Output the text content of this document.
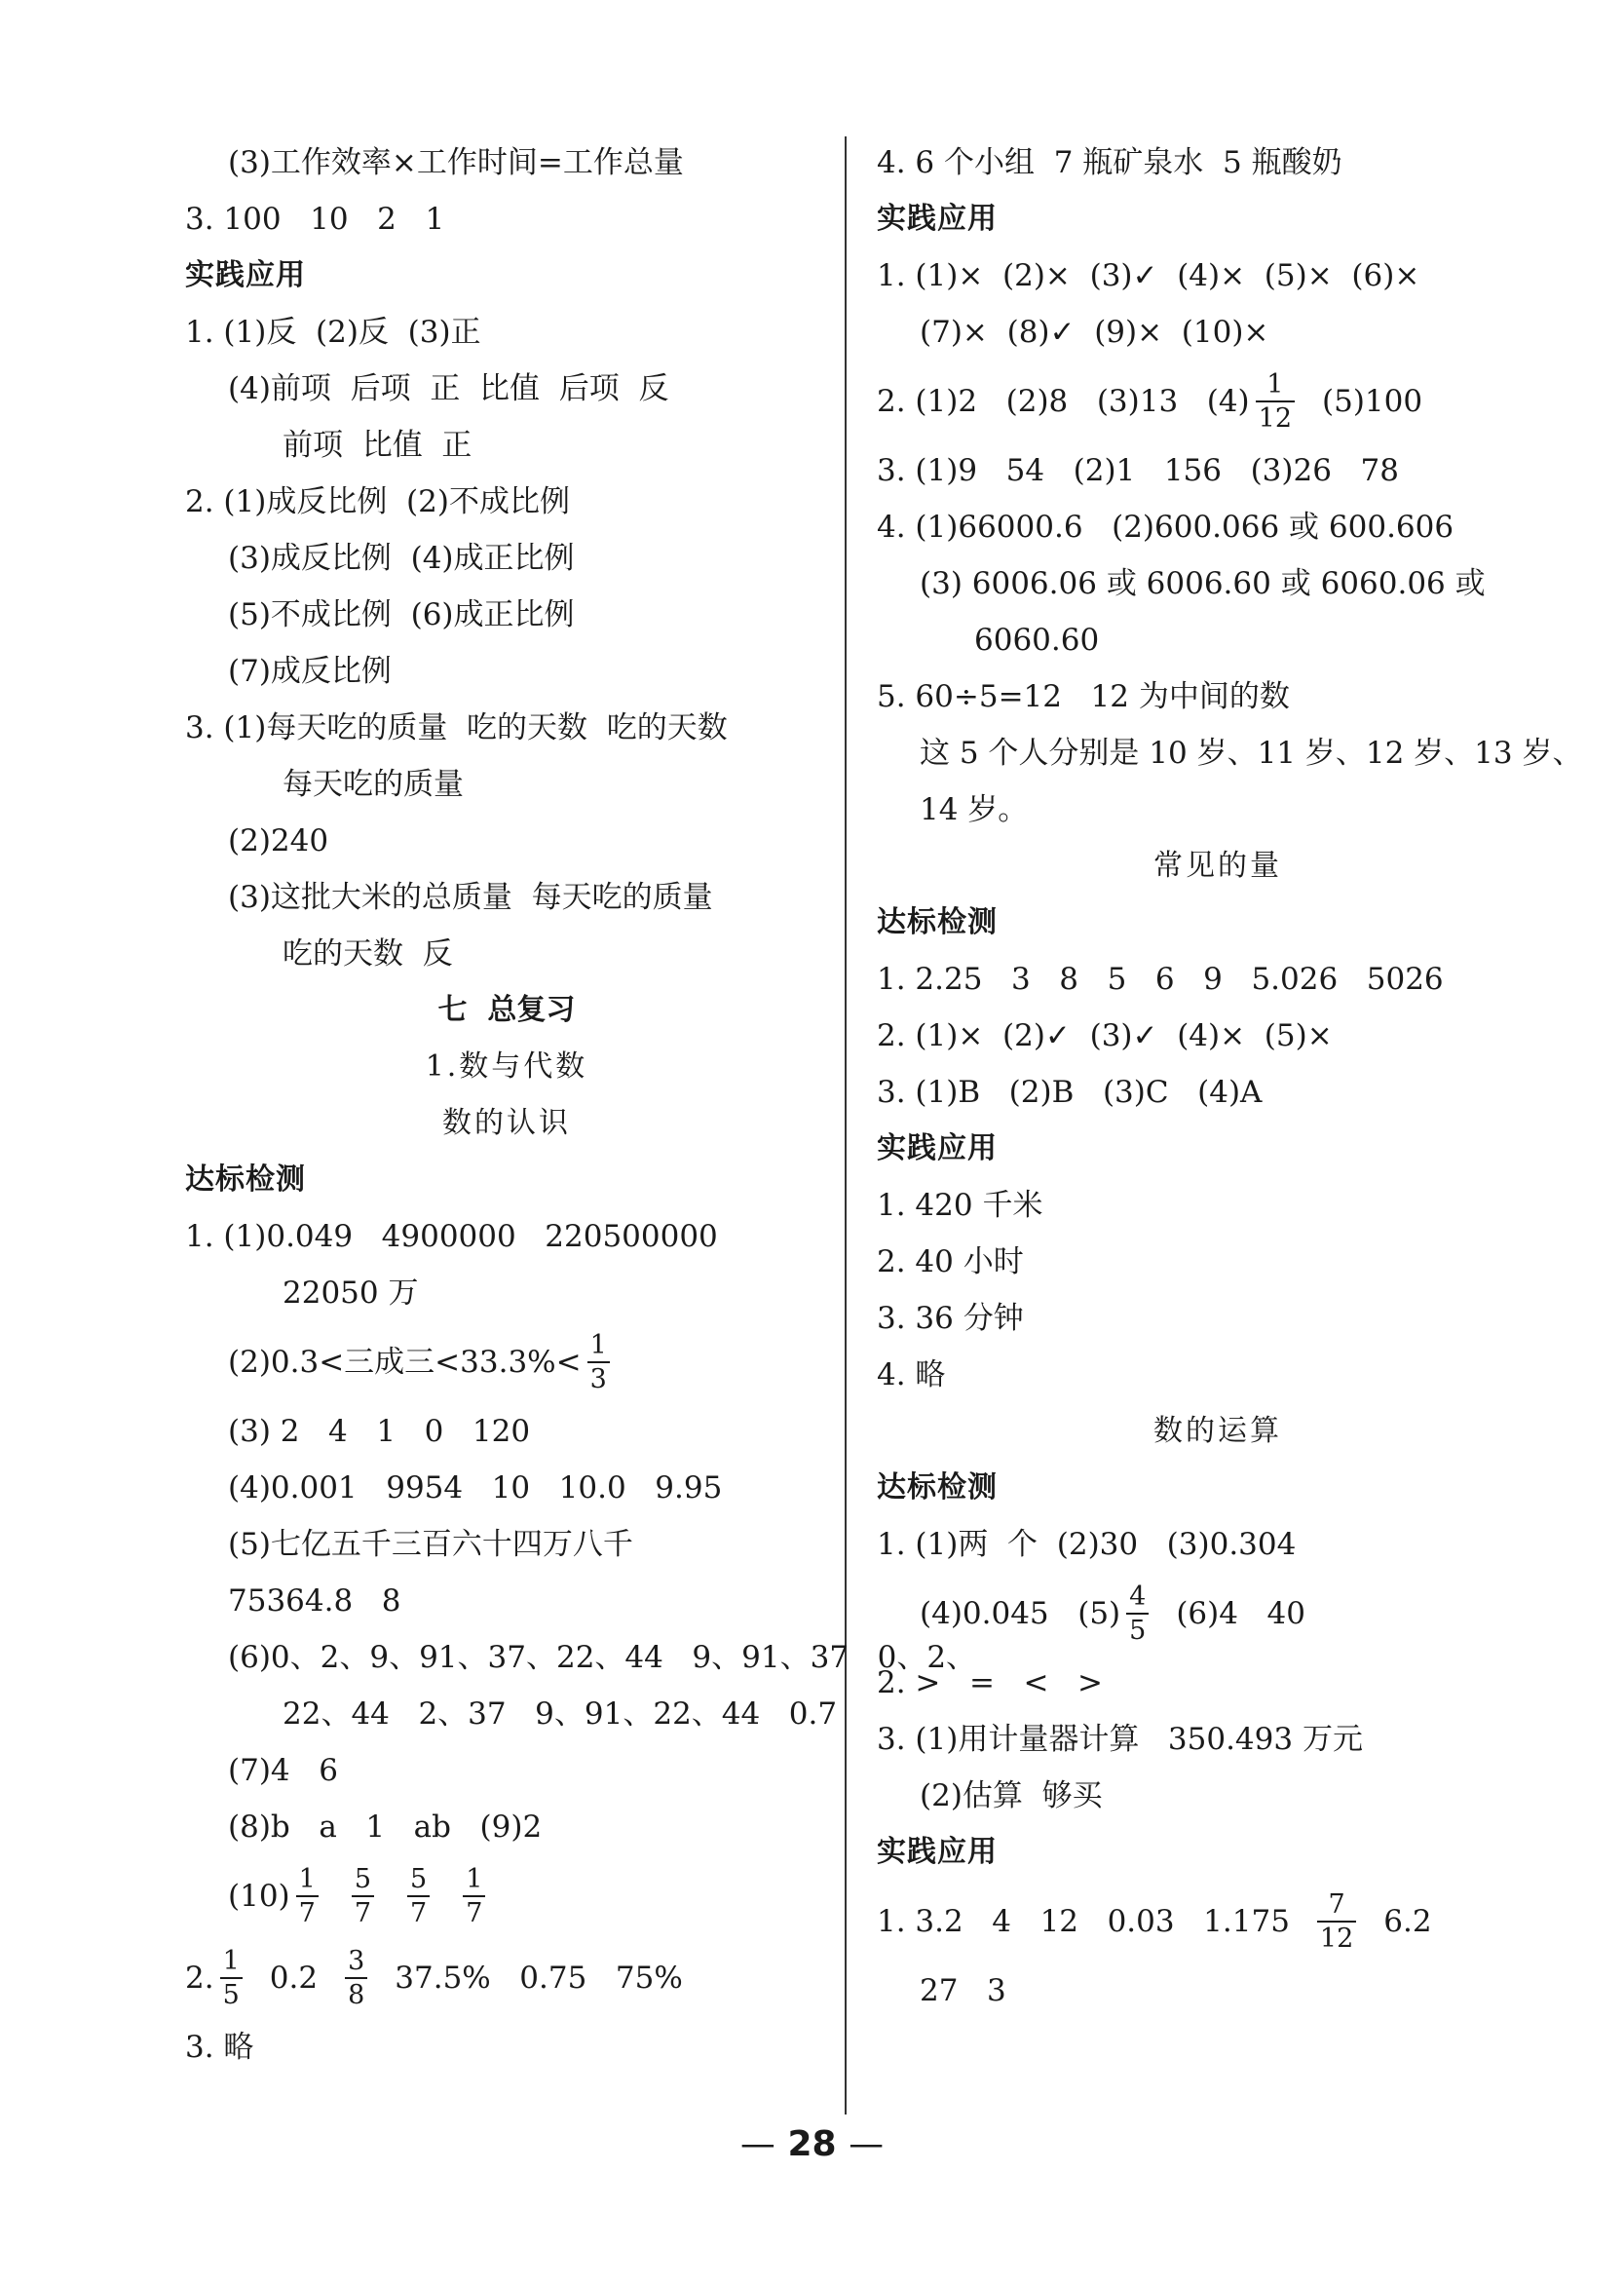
(3)工作效率×工作时间=工作总量
3. 100   10   2   1
实践应用
1. (1)反  (2)反  (3)正
(4)前项  后项  正  比值  后项  反
前项  比值  正
2. (1)成反比例  (2)不成比例
(3)成反比例  (4)成正比例
(5)不成比例  (6)成正比例
(7)成反比例
3. (1)每天吃的质量  吃的天数  吃的天数
每天吃的质量
(2)240
(3)这批大米的总质量  每天吃的质量
吃的天数  反
七  总复习
1.数与代数
数的认识
达标检测
1. (1)0.049   4900000   220500000
22050 万
(2)0.3<三成三$<33.3\%< \frac{1}{3}$
(3) 2   4   1   0   120
(4)0.001   9954   10   10.0   9.95
(5)七亿五千三百六十四万八千
75364.8   8
(6)0、2、9、91、37、22、44   9、91、37   0、2、
22、44   2、37   9、91、22、44   0.7
(7)4   6
(8)b   a   1   ab   (9)2
$(10) \frac{1}{7} \frac{5}{7} \frac{5}{7} \frac{1}{7}$
2. $\frac{1}{5} 0.2 \frac{3}{8} 37.5\%$   0.75   75%
3. 略
4. 6 个小组  7 瓶矿泉水  5 瓶酸奶
实践应用
1. (1)×  (2)×  (3)✓  (4)×  (5)×  (6)×
(7)×  (8)✓  (9)×  (10)×
2. (1)2   (2)8   (3)13   $(4) \frac{1}{12} (5)100$
3. (1)9   54   (2)1   156   (3)26   78
4. (1)66000.6   (2)600.066 或 600.606
(3) 6006.06 或 6006.60 或 6060.06 或
6060.60
5. 60÷5=12   12 为中间的数
这 5 个人分别是 10 岁、11 岁、12 岁、13 岁、
14 岁。
常见的量
达标检测
1. 2.25   3   8   5   6   9   5.026   5026
2. (1)×  (2)✓  (3)✓  (4)×  (5)×
3. (1)B   (2)B   (3)C   (4)A
实践应用
1. 420 千米
2. 40 小时
3. 36 分钟
4. 略
数的运算
达标检测
1. (1)两  个  (2)30   (3)0.304
(4)0.045   $(5) \frac{4}{5} (6)4$   40
2. >   =   <   >
3. (1)用计量器计算   350.493 万元
(2)估算  够买
实践应用
1. 3.2   4   12   0.03   $1.175 \frac{7}{12} 6.2$
27   3
— 28 —
